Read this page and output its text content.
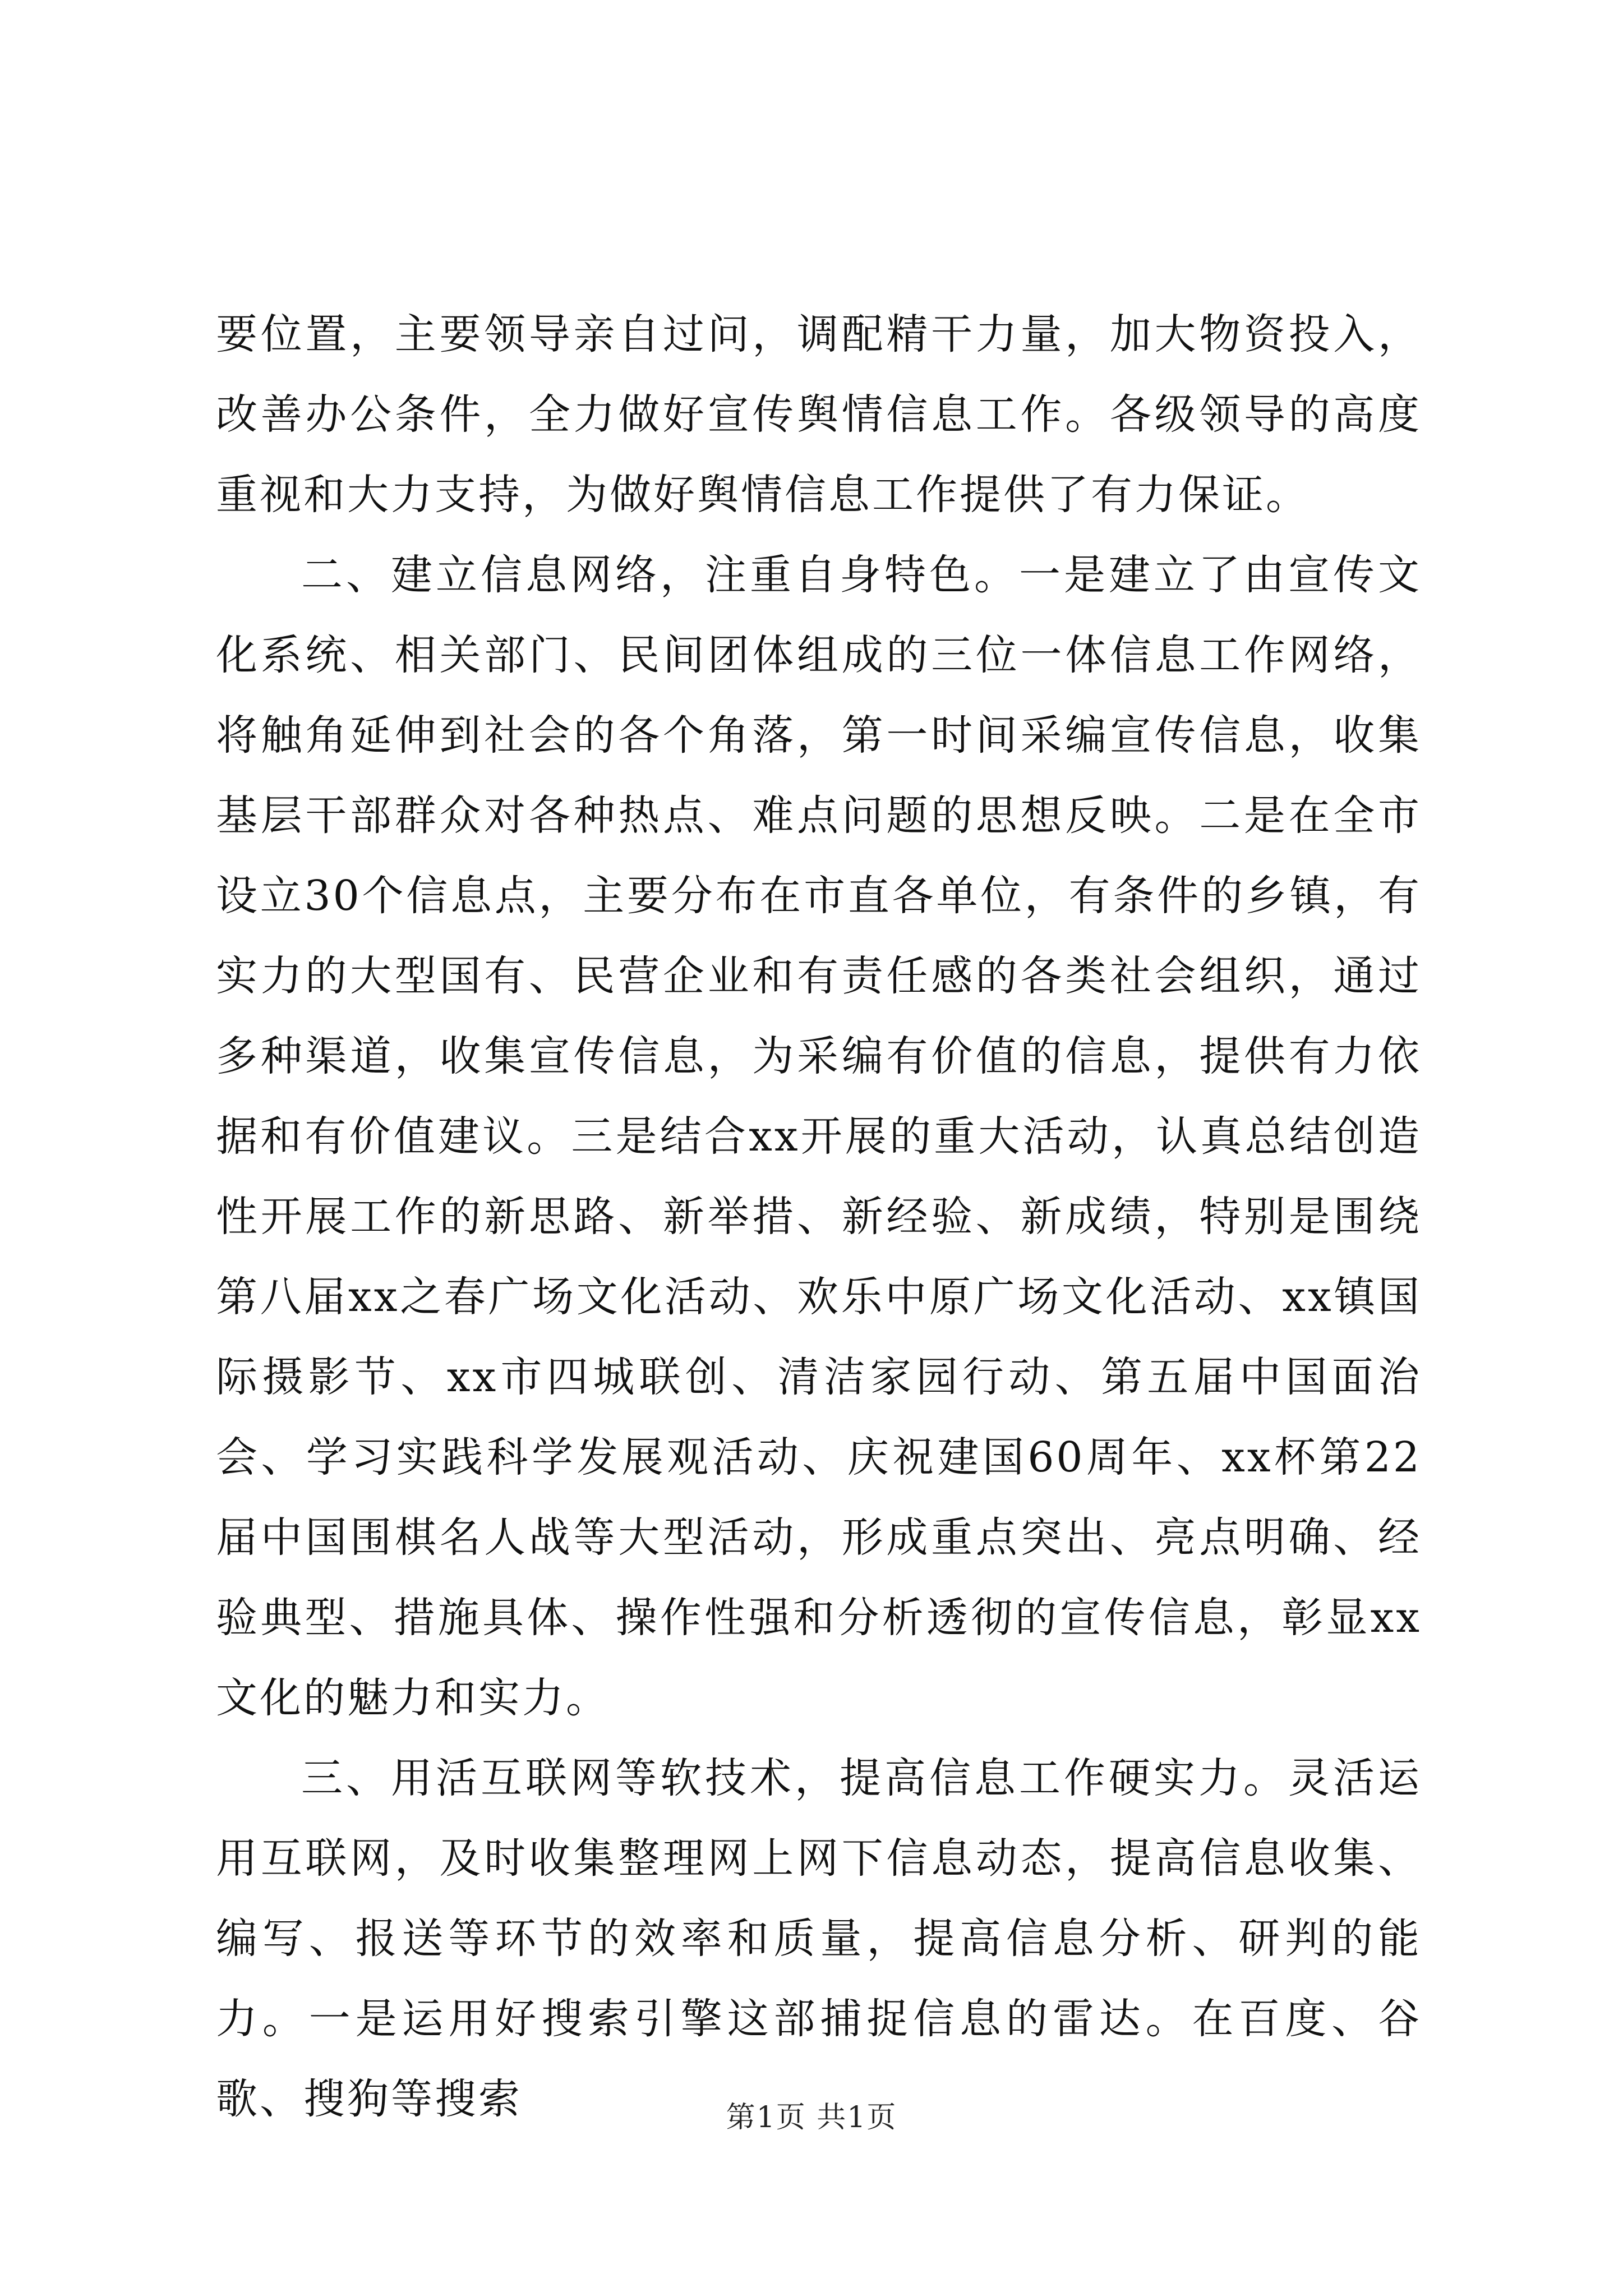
要位置，主要领导亲自过问，调配精干力量，加大物资投入，改善办公条件，全力做好宣传舆情信息工作。各级领导的高度重视和大力支持，为做好舆情信息工作提供了有力保证。

二、建立信息网络，注重自身特色。一是建立了由宣传文化系统、相关部门、民间团体组成的三位一体信息工作网络，将触角延伸到社会的各个角落，第一时间采编宣传信息，收集基层干部群众对各种热点、难点问题的思想反映。二是在全市设立30个信息点，主要分布在市直各单位，有条件的乡镇，有实力的大型国有、民营企业和有责任感的各类社会组织，通过多种渠道，收集宣传信息，为采编有价值的信息，提供有力依据和有价值建议。三是结合xx开展的重大活动，认真总结创造性开展工作的新思路、新举措、新经验、新成绩，特别是围绕第八届xx之春广场文化活动、欢乐中原广场文化活动、xx镇国际摄影节、xx市四城联创、清洁家园行动、第五届中国面治会、学习实践科学发展观活动、庆祝建国60周年、xx杯第22届中国围棋名人战等大型活动，形成重点突出、亮点明确、经验典型、措施具体、操作性强和分析透彻的宣传信息，彰显xx文化的魅力和实力。

三、用活互联网等软技术，提高信息工作硬实力。灵活运用互联网，及时收集整理网上网下信息动态，提高信息收集、编写、报送等环节的效率和质量，提高信息分析、研判的能力。一是运用好搜索引擎这部捕捉信息的雷达。在百度、谷歌、搜狗等搜索	第1页 共1页
